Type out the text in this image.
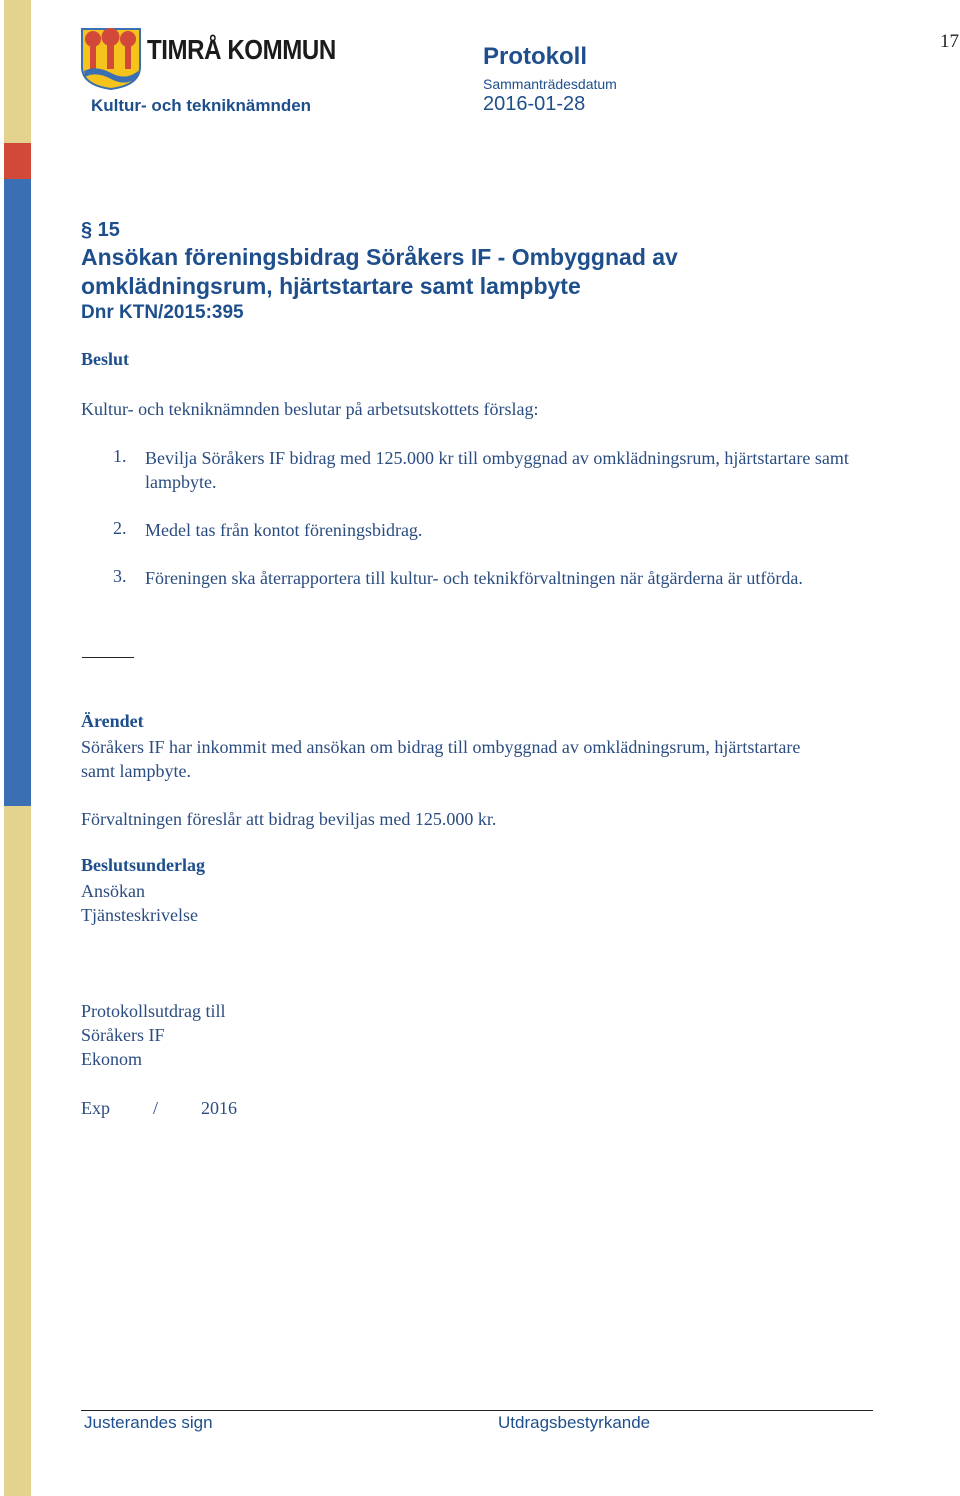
TIMRÅ KOMMUN
Kultur- och tekniknämnden
Protokoll
Sammanträdesdatum
2016-01-28
17
§ 15
Ansökan föreningsbidrag Söråkers IF - Ombyggnad av omklädningsrum, hjärtstartare samt lampbyte
Dnr KTN/2015:395
Beslut
Kultur- och tekniknämnden beslutar på arbetsutskottets förslag:
1. Bevilja Söråkers IF bidrag med 125.000 kr till ombyggnad av omklädningsrum, hjärtstartare samt lampbyte.
2. Medel tas från kontot föreningsbidrag.
3. Föreningen ska återrapportera till kultur- och teknikförvaltningen när åtgärderna är utförda.
Ärendet
Söråkers IF har inkommit med ansökan om bidrag till ombyggnad av omklädningsrum, hjärtstartare samt lampbyte.
Förvaltningen föreslår att bidrag beviljas med 125.000 kr.
Beslutsunderlag
Ansökan
Tjänsteskrivelse
Protokollsutdrag till
Söråkers IF
Ekonom
Exp / 2016
Justerandes sign	Utdragsbestyrkande
